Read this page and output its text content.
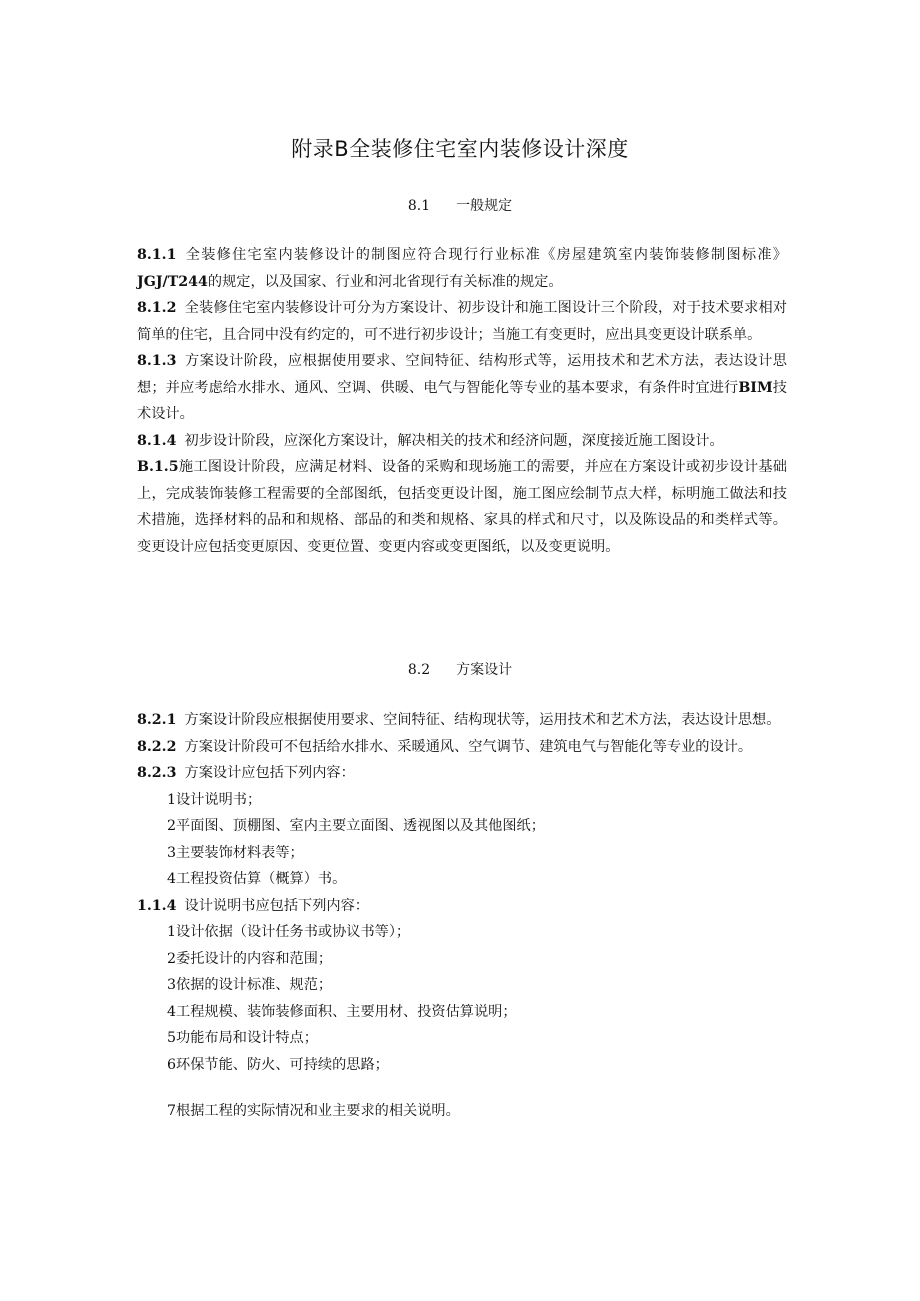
附录B全装修住宅室内装修设计深度
8.1 一般规定

8.1.1 全装修住宅室内装修设计的制图应符合现行行业标准《房屋建筑室内装饰装修制图标准》JGJ/T244的规定，以及国家、行业和河北省现行有关标准的规定。

8.1.2 全装修住宅室内装修设计可分为方案设计、初步设计和施工图设计三个阶段，对于技术要求相对简单的住宅，且合同中没有约定的，可不进行初步设计；当施工有变更时，应出具变更设计联系单。

8.1.3 方案设计阶段，应根据使用要求、空间特征、结构形式等，运用技术和艺术方法，表达设计思想；并应考虑给水排水、通风、空调、供暖、电气与智能化等专业的基本要求，有条件时宜进行BIM技术设计。

8.1.4 初步设计阶段，应深化方案设计，解决相关的技术和经济问题，深度接近施工图设计。

B.1.5施工图设计阶段，应满足材料、设备的采购和现场施工的需要，并应在方案设计或初步设计基础上，完成装饰装修工程需要的全部图纸，包括变更设计图，施工图应绘制节点大样，标明施工做法和技术措施，选择材料的品和和规格、部品的和类和规格、家具的样式和尺寸，以及陈设品的和类样式等。变更设计应包括变更原因、变更位置、变更内容或变更图纸，以及变更说明。

8.2 方案设计

8.2.1 方案设计阶段应根据使用要求、空间特征、结构现状等，运用技术和艺术方法，表达设计思想。

8.2.2 方案设计阶段可不包括给水排水、采暖通风、空气调节、建筑电气与智能化等专业的设计。

8.2.3 方案设计应包括下列内容：

1设计说明书；

2平面图、顶棚图、室内主要立面图、透视图以及其他图纸；

3主要装饰材料表等；

4工程投资估算（概算）书。

1.1.4 设计说明书应包括下列内容：

1设计依据（设计任务书或协议书等）；

2委托设计的内容和范围；

3依据的设计标准、规范；

4工程规模、装饰装修面积、主要用材、投资估算说明；

5功能布局和设计特点；

6环保节能、防火、可持续的思路；

7根据工程的实际情况和业主要求的相关说明。
